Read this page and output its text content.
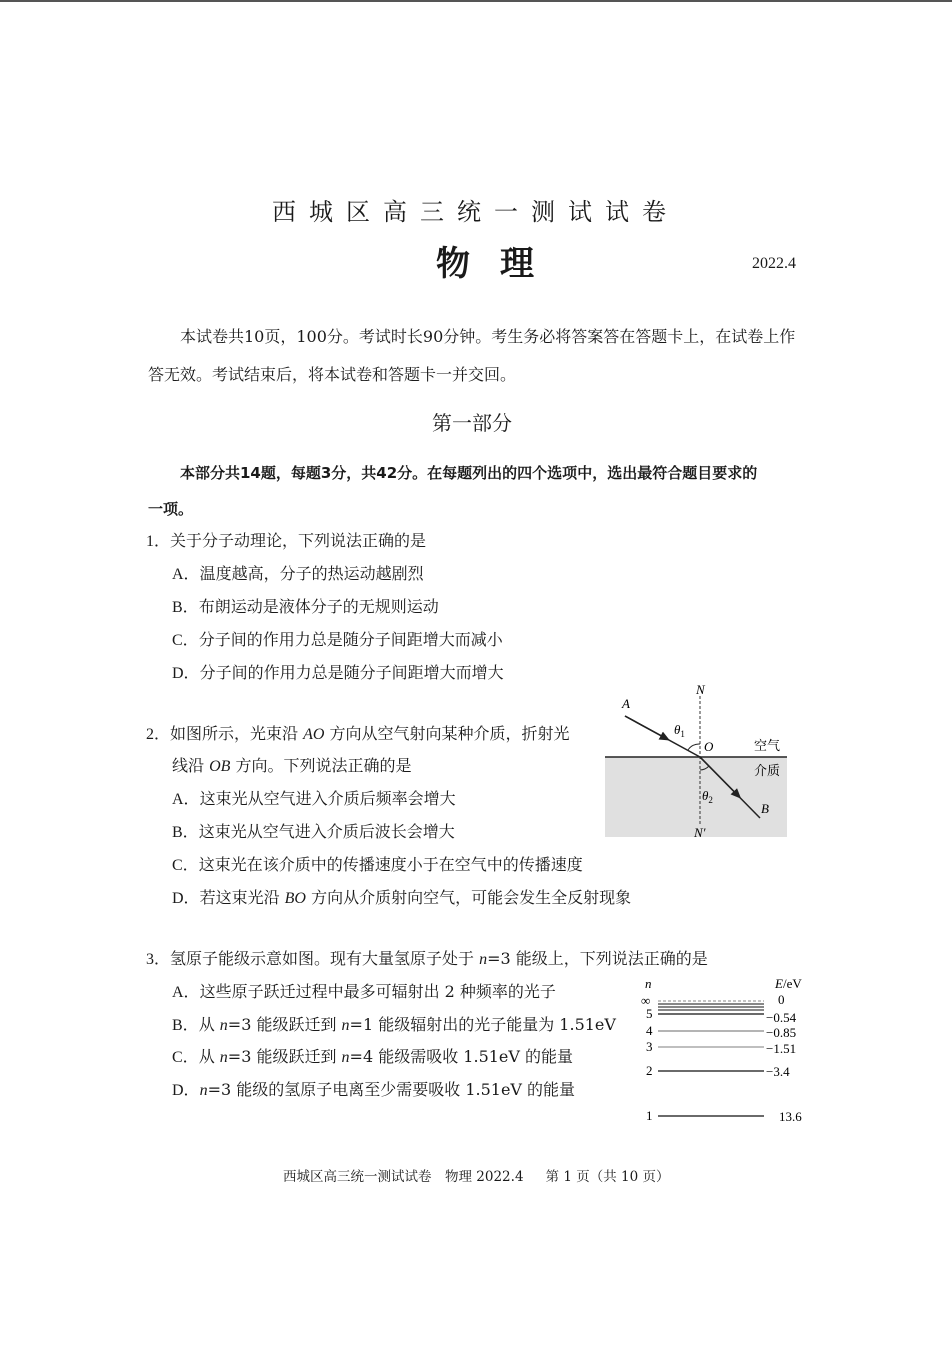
西城区高三统一测试试卷
物理	2022.4
本试卷共10页，100分。考试时长90分钟。考生务必将答案答在答题卡上，在试卷上作
答无效。考试结束后，将本试卷和答题卡一并交回。
第一部分
本部分共14题，每题3分，共42分。在每题列出的四个选项中，选出最符合题目要求的
一项。
1．关于分子动理论，下列说法正确的是
A．温度越高，分子的热运动越剧烈
B．布朗运动是液体分子的无规则运动
C．分子间的作用力总是随分子间距增大而减小
D．分子间的作用力总是随分子间距增大而增大
2．如图所示，光束沿 AO 方向从空气射向某种介质，折射光
线沿 OB 方向。下列说法正确的是
A．这束光从空气进入介质后频率会增大
B．这束光从空气进入介质后波长会增大
C．这束光在该介质中的传播速度小于在空气中的传播速度
D．若这束光沿 BO 方向从介质射向空气，可能会发生全反射现象
A
N
N′
O
B
$\theta_1$
$\theta_2$
空气
介质
3．氢原子能级示意如图。现有大量氢原子处于 n=3 能级上，下列说法正确的是
A．这些原子跃迁过程中最多可辐射出 2 种频率的光子
B．从 n=3 能级跃迁到 n=1 能级辐射出的光子能量为 1.51eV
C．从 n=3 能级跃迁到 n=4 能级需吸收 1.51eV 的能量
D．n=3 能级的氢原子电离至少需要吸收 1.51eV 的能量
n	E/eV
∞
5
4
3
2
1
0
−0.54
−0.85
−1.51
−3.4
13.6
西城区高三统一测试试卷　物理 2022.4 第 1 页（共 10 页）
